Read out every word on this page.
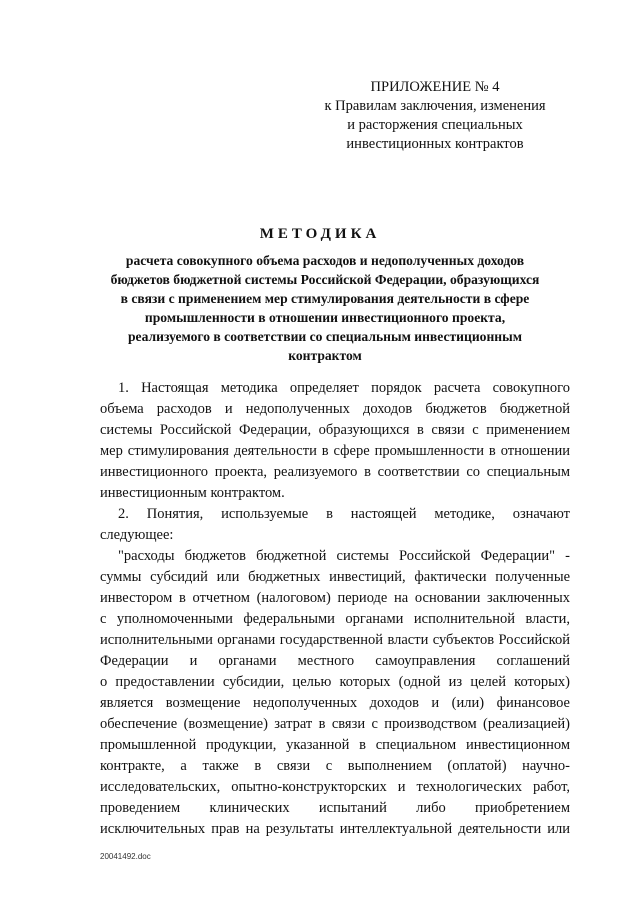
ПРИЛОЖЕНИЕ № 4
к Правилам заключения, изменения
и расторжения специальных
инвестиционных контрактов
МЕТОДИКА
расчета совокупного объема расходов и недополученных доходов
бюджетов бюджетной системы Российской Федерации, образующихся
в связи с применением мер стимулирования деятельности в сфере
промышленности в отношении инвестиционного проекта,
реализуемого в соответствии со специальным инвестиционным
контрактом
1. Настоящая методика определяет порядок расчета совокупного
объема расходов и недополученных доходов бюджетов бюджетной
системы Российской Федерации, образующихся в связи с применением
мер стимулирования деятельности в сфере промышленности в отношении
инвестиционного проекта, реализуемого в соответствии со специальным
инвестиционным контрактом.
2. Понятия, используемые в настоящей методике, означают
следующее:
"расходы бюджетов бюджетной системы Российской Федерации" -
суммы субсидий или бюджетных инвестиций, фактически полученные
инвестором в отчетном (налоговом) периоде на основании заключенных
с уполномоченными федеральными органами исполнительной власти,
исполнительными органами государственной власти субъектов Российской
Федерации и органами местного самоуправления соглашений
о предоставлении субсидии, целью которых (одной из целей которых)
является возмещение недополученных доходов и (или) финансовое
обеспечение (возмещение) затрат в связи с производством (реализацией)
промышленной продукции, указанной в специальном инвестиционном
контракте, а также в связи с выполнением (оплатой) научно-
исследовательских, опытно-конструкторских и технологических работ,
проведением клинических испытаний либо приобретением
исключительных прав на результаты интеллектуальной деятельности или
20041492.doc
